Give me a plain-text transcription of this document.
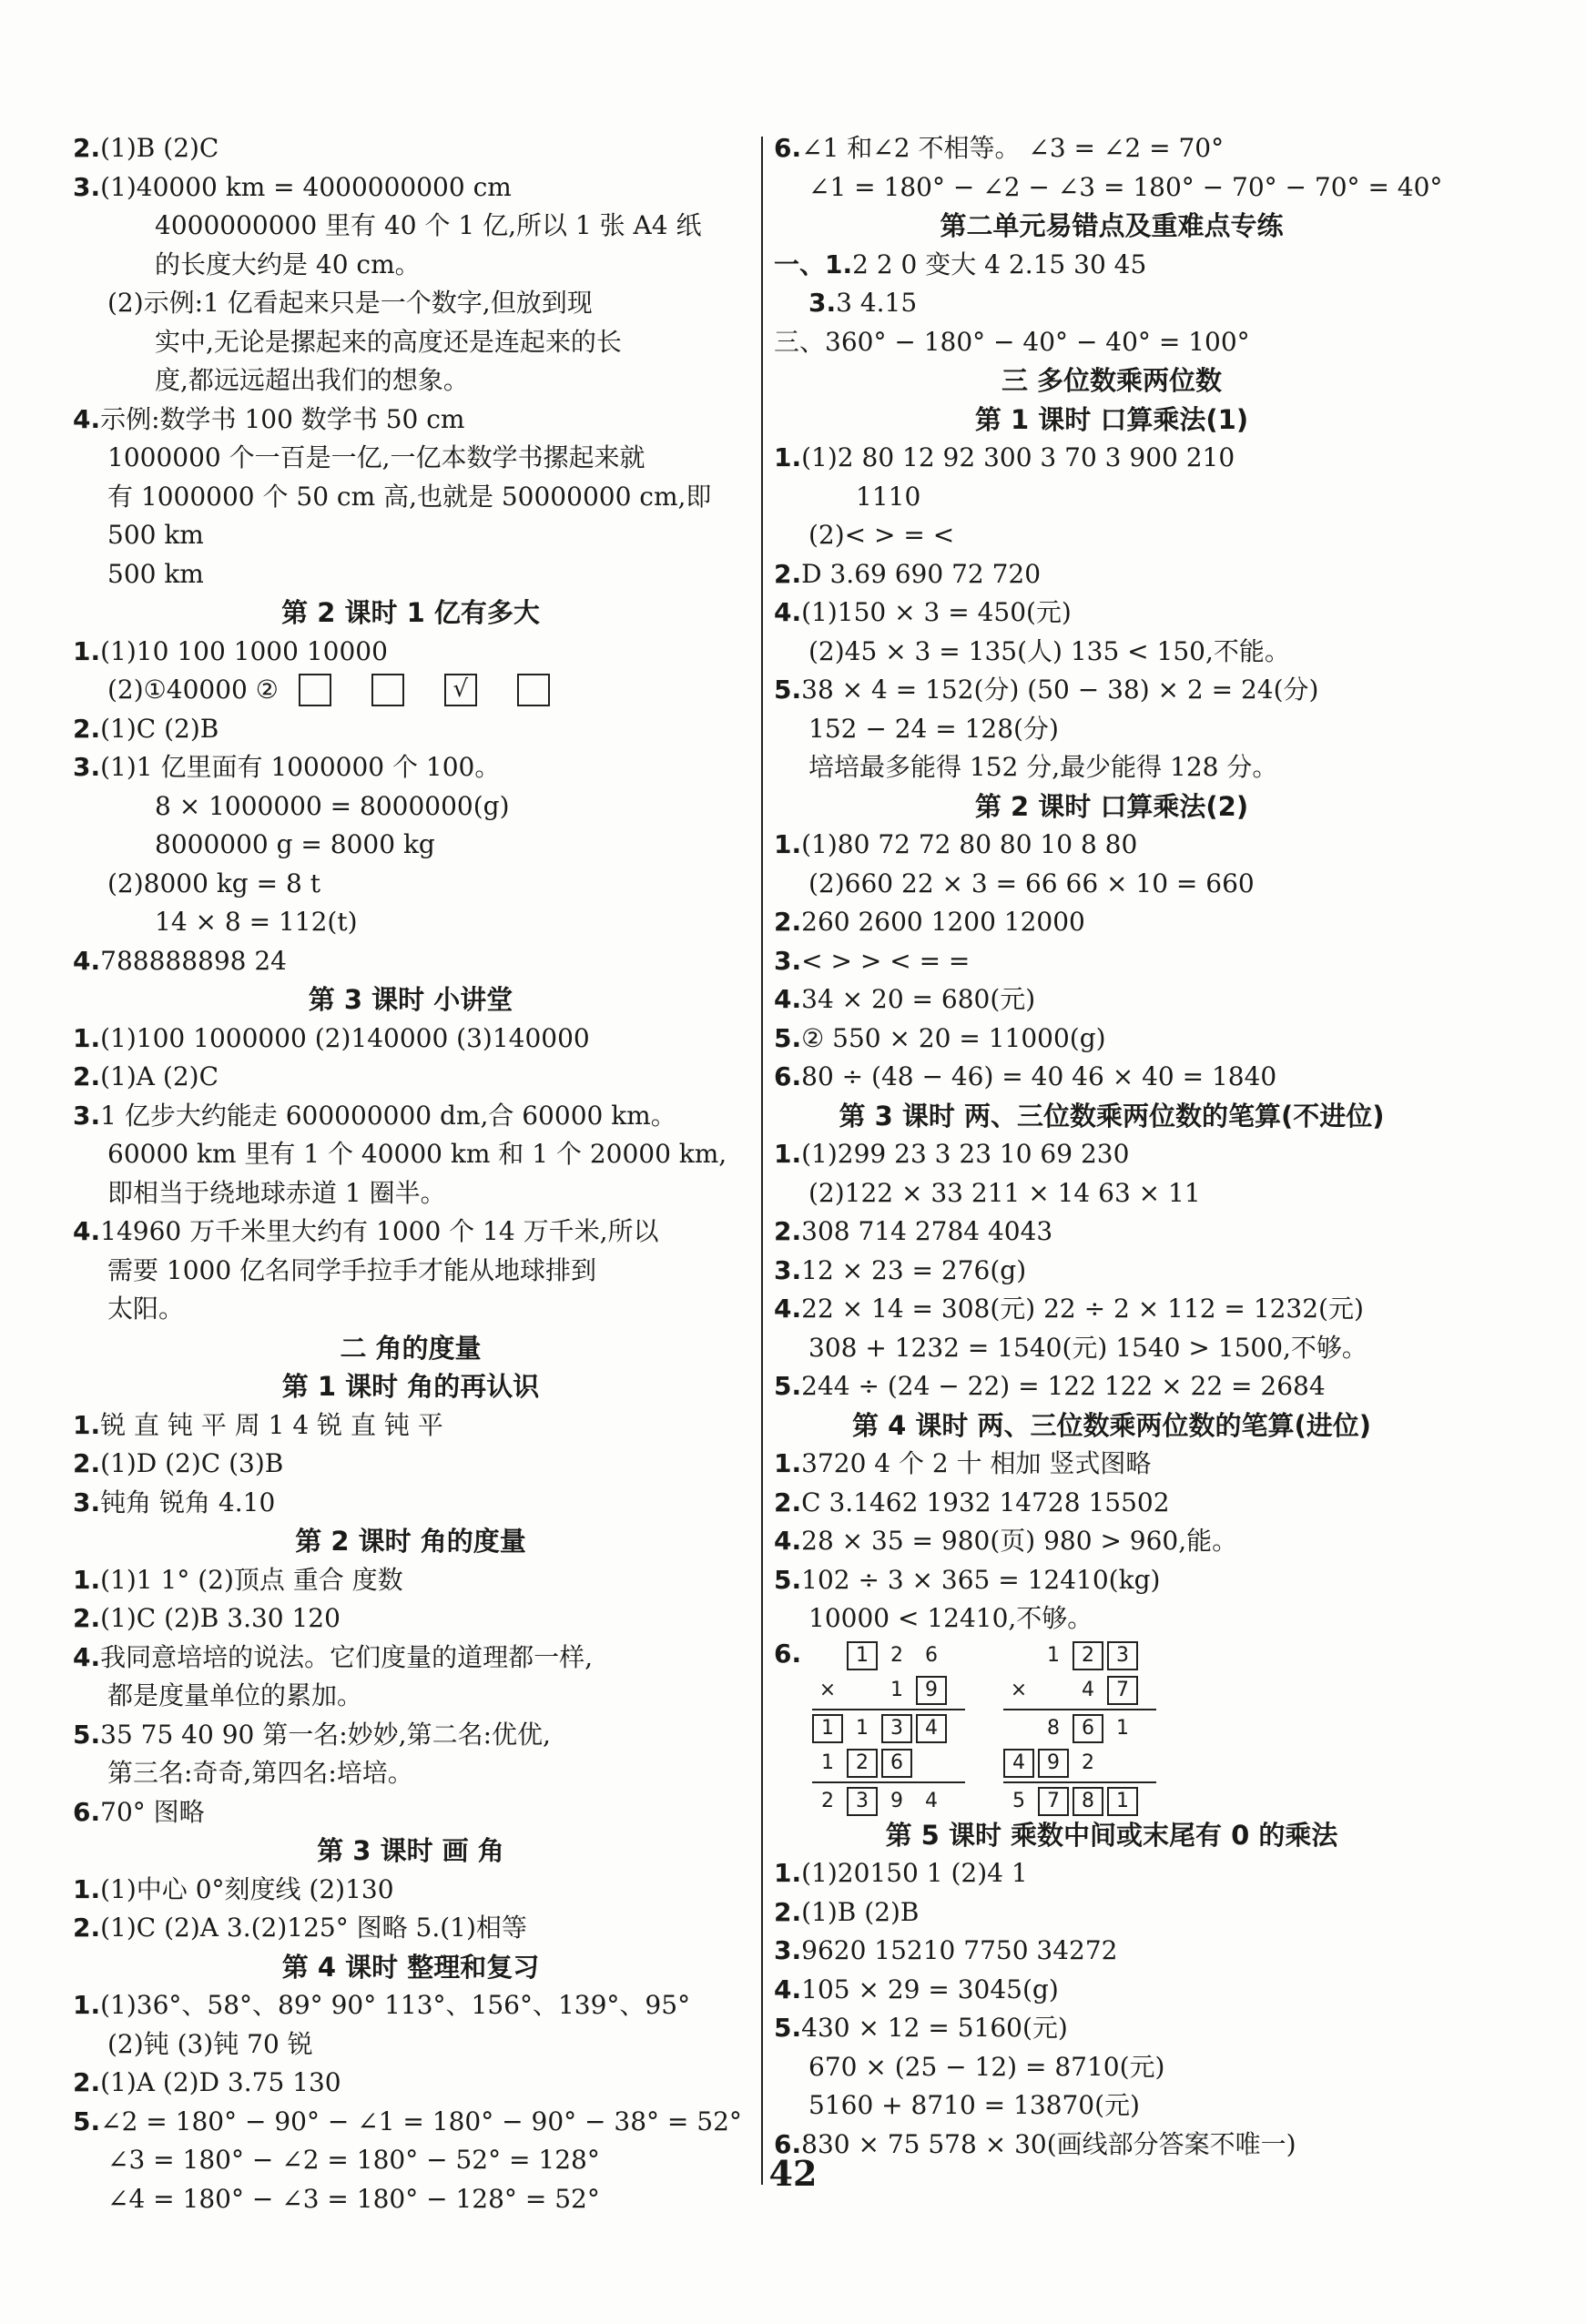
2.(1)B (2)C
3.(1)40000 km = 4000000000 cm
4000000000 里有 40 个 1 亿,所以 1 张 A4 纸
的长度大约是 40 cm。
(2)示例:1 亿看起来只是一个数字,但放到现
实中,无论是摞起来的高度还是连起来的长
度,都远远超出我们的想象。
4.示例:数学书 100 数学书 50 cm
1000000 个一百是一亿,一亿本数学书摞起来就
有 1000000 个 50 cm 高,也就是 50000000 cm,即
500 km
500 km
第 2 课时 1 亿有多大
1.(1)10 100 1000 10000
(2)①40000 ②	√
2.(1)C (2)B
3.(1)1 亿里面有 1000000 个 100。
8 × 1000000 = 8000000(g)
8000000 g = 8000 kg
(2)8000 kg = 8 t
14 × 8 = 112(t)
4.788888898 24
第 3 课时 小讲堂
1.(1)100 1000000 (2)140000 (3)140000
2.(1)A (2)C
3.1 亿步大约能走 600000000 dm,合 60000 km。
60000 km 里有 1 个 40000 km 和 1 个 20000 km,
即相当于绕地球赤道 1 圈半。
4.14960 万千米里大约有 1000 个 14 万千米,所以
需要 1000 亿名同学手拉手才能从地球排到
太阳。
二 角的度量
第 1 课时 角的再认识
1.锐 直 钝 平 周 1 4 锐 直 钝 平
2.(1)D (2)C (3)B
3.钝角 锐角 4.10
第 2 课时 角的度量
1.(1)1 1° (2)顶点 重合 度数
2.(1)C (2)B 3.30 120
4.我同意培培的说法。它们度量的道理都一样,
都是度量单位的累加。
5.35 75 40 90 第一名:妙妙,第二名:优优,
第三名:奇奇,第四名:培培。
6.70° 图略
第 3 课时 画 角
1.(1)中心 0°刻度线 (2)130
2.(1)C (2)A 3.(2)125° 图略 5.(1)相等
第 4 课时 整理和复习
1.(1)36°、58°、89° 90° 113°、156°、139°、95°
(2)钝 (3)钝 70 锐
2.(1)A (2)D 3.75 130
5.∠2 = 180° − 90° − ∠1 = 180° − 90° − 38° = 52°
∠3 = 180° − ∠2 = 180° − 52° = 128°
∠4 = 180° − ∠3 = 180° − 128° = 52°
6.∠1 和∠2 不相等。 ∠3 = ∠2 = 70°
∠1 = 180° − ∠2 − ∠3 = 180° − 70° − 70° = 40°
第二单元易错点及重难点专练
一、1.2 2 0 变大 4 2.15 30 45
3.3 4.15
三、360° − 180° − 40° − 40° = 100°
三 多位数乘两位数
第 1 课时 口算乘法(1)
1.(1)2 80 12 92 300 3 70 3 900 210
1110
(2)< > = <
2.D 3.69 690 72 720
4.(1)150 × 3 = 450(元)
(2)45 × 3 = 135(人) 135 < 150,不能。
5.38 × 4 = 152(分) (50 − 38) × 2 = 24(分)
152 − 24 = 128(分)
培培最多能得 152 分,最少能得 128 分。
第 2 课时 口算乘法(2)
1.(1)80 72 72 80 80 10 8 80
(2)660 22 × 3 = 66 66 × 10 = 660
2.260 2600 1200 12000
3.< > > < = =
4.34 × 20 = 680(元)
5.② 550 × 20 = 11000(g)
6.80 ÷ (48 − 46) = 40 46 × 40 = 1840
第 3 课时 两、三位数乘两位数的笔算(不进位)
1.(1)299 23 3 23 10 69 230
(2)122 × 33 211 × 14 63 × 11
2.308 714 2784 4043
3.12 × 23 = 276(g)
4.22 × 14 = 308(元) 22 ÷ 2 × 112 = 1232(元)
308 + 1232 = 1540(元) 1540 > 1500,不够。
5.244 ÷ (24 − 22) = 122 122 × 22 = 2684
第 4 课时 两、三位数乘两位数的笔算(进位)
1.3720 4 个 2 十 相加 竖式图略
2.C 3.1462 1932 14728 15502
4.28 × 35 = 980(页) 980 > 960,能。
5.102 ÷ 3 × 365 = 12410(kg)
10000 < 12410,不够。
6.	1	2	6
×	1	9
1	1	3	4
1	2	6
2	3	9	4
1	2	3
×	4	7
8	6	1
4	9	2
5	7	8	1
第 5 课时 乘数中间或末尾有 0 的乘法
1.(1)20150 1 (2)4 1
2.(1)B (2)B
3.9620 15210 7750 34272
4.105 × 29 = 3045(g)
5.430 × 12 = 5160(元)
670 × (25 − 12) = 8710(元)
5160 + 8710 = 13870(元)
6.830 × 75 578 × 30(画线部分答案不唯一)
42
